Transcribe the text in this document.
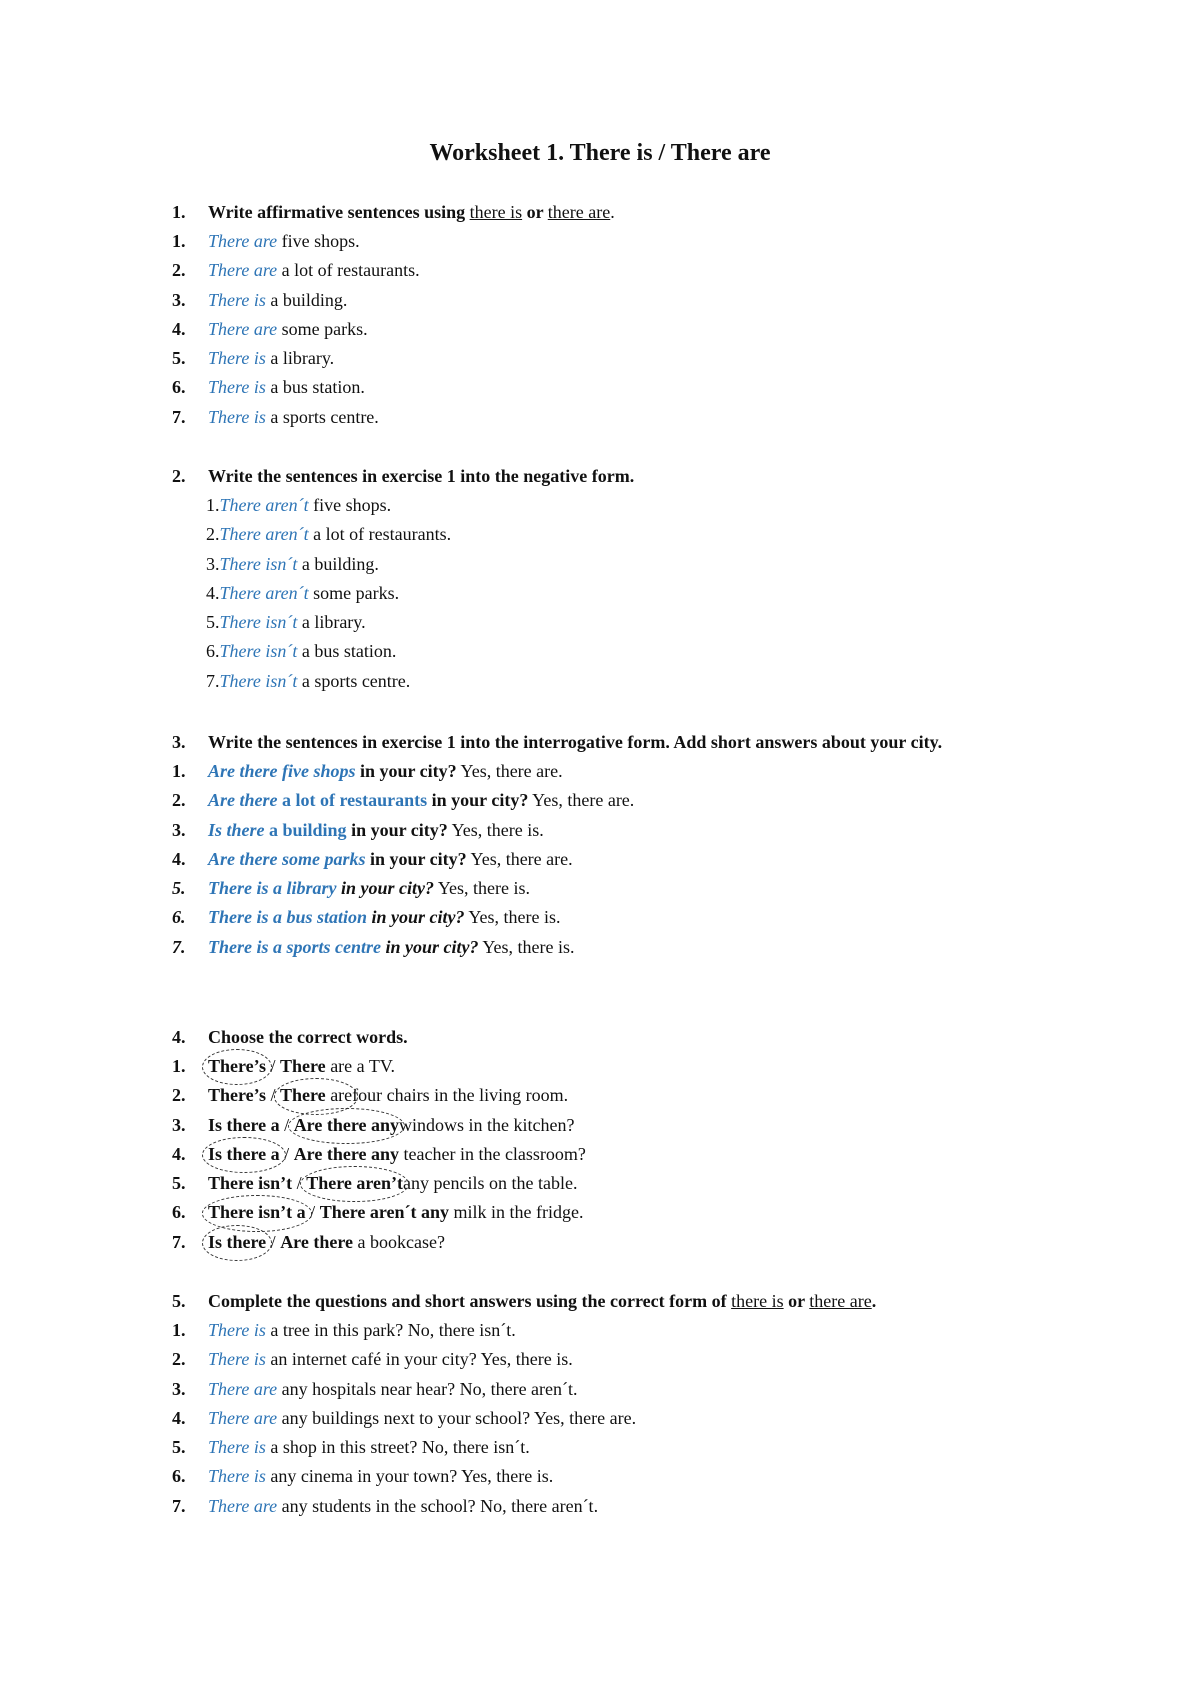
Worksheet 1. There is / There are
1. Write affirmative sentences using there is or there are.
1. There are five shops.
2. There are a lot of restaurants.
3. There is a building.
4. There are some parks.
5. There is a library.
6. There is a bus station.
7. There is a sports centre.
2. Write the sentences in exercise 1 into the negative form.
1.There aren´t five shops.
2.There aren´t a lot of restaurants.
3.There isn´t a building.
4.There aren´t some parks.
5.There isn´t a library.
6.There isn´t a bus station.
7.There isn´t a sports centre.
3. Write the sentences in exercise 1 into the interrogative form. Add short answers about your city.
1. Are there five shops in your city? Yes, there are.
2. Are there a lot of restaurants in your city? Yes, there are.
3. Is there a building in your city? Yes, there is.
4. Are there some parks in your city? Yes, there are.
5. There is a library in your city? Yes, there is.
6. There is a bus station in your city? Yes, there is.
7. There is a sports centre in your city? Yes, there is.
4. Choose the correct words.
1. There’s
/ There are a TV.
2. There’s / There are
four chairs in the living room.
3. Is there a / Are there any
windows in the kitchen?
4. Is there a
/ Are there any teacher in the classroom?
5. There isn’t / There aren’t
any pencils on the table.
6. There isn’t a
/ There aren´t any milk in the fridge.
7. Is there
/ Are there a bookcase?
5. Complete the questions and short answers using the correct form of there is or there are.
1. There is a tree in this park? No, there isn´t.
2. There is an internet café in your city? Yes, there is.
3. There are any hospitals near hear? No, there aren´t.
4. There are any buildings next to your school? Yes, there are.
5. There is a shop in this street? No, there isn´t.
6. There is any cinema in your town? Yes, there is.
7. There are any students in the school? No, there aren´t.
